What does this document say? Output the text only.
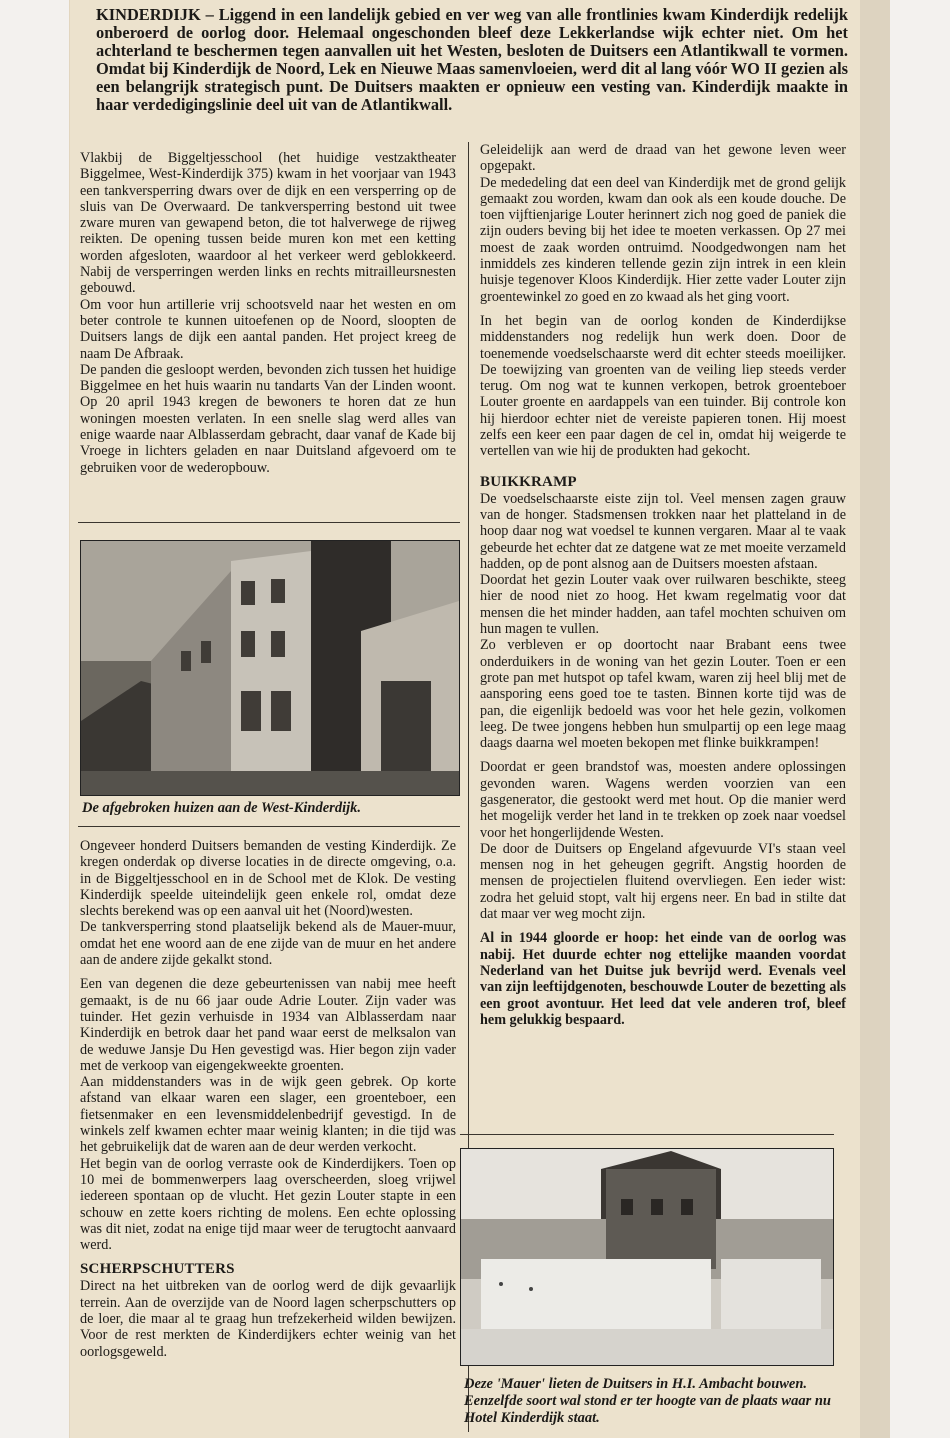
KINDERDIJK – Liggend in een landelijk gebied en ver weg van alle frontlinies kwam Kinderdijk redelijk onberoerd de oorlog door. Helemaal ongeschonden bleef deze Lekkerlandse wijk echter niet. Om het achterland te beschermen tegen aanvallen uit het Westen, besloten de Duitsers een Atlantikwall te vormen. Omdat bij Kinderdijk de Noord, Lek en Nieuwe Maas samenvloeien, werd dit al lang vóór WO II gezien als een belangrijk strategisch punt. De Duitsers maakten er opnieuw een vesting van. Kinderdijk maakte in haar verdedigingslinie deel uit van de Atlantikwall.

Vlakbij de Biggeltjesschool (het huidige vestzaktheater Biggelmee, West-Kinderdijk 375) kwam in het voorjaar van 1943 een tankversperring dwars over de dijk en een versperring op de sluis van De Overwaard. De tankversperring bestond uit twee zware muren van gewapend beton, die tot halverwege de rijweg reikten. De opening tussen beide muren kon met een ketting worden afgesloten, waardoor al het verkeer werd geblokkeerd. Nabij de versperringen werden links en rechts mitrailleursnesten gebouwd.

Om voor hun artillerie vrij schootsveld naar het westen en om beter controle te kunnen uitoefenen op de Noord, sloopten de Duitsers langs de dijk een aantal panden. Het project kreeg de naam De Afbraak.

De panden die gesloopt werden, bevonden zich tussen het huidige Biggelmee en het huis waarin nu tandarts Van der Linden woont. Op 20 april 1943 kregen de bewoners te horen dat ze hun woningen moesten verlaten. In een snelle slag werd alles van enige waarde naar Alblasserdam gebracht, daar vanaf de Kade bij Vroege in lichters geladen en naar Duitsland afgevoerd om te gebruiken voor de wederopbouw.

De afgebroken huizen aan de West-Kinderdijk.

Ongeveer honderd Duitsers bemanden de vesting Kinderdijk. Ze kregen onderdak op diverse locaties in de directe omgeving, o.a. in de Biggeltjesschool en in de School met de Klok. De vesting Kinderdijk speelde uiteindelijk geen enkele rol, omdat deze slechts berekend was op een aanval uit het (Noord)westen.

De tankversperring stond plaatselijk bekend als de Mauer-muur, omdat het ene woord aan de ene zijde van de muur en het andere aan de andere zijde gekalkt stond.

Een van degenen die deze gebeurtenissen van nabij mee heeft gemaakt, is de nu 66 jaar oude Adrie Louter. Zijn vader was tuinder. Het gezin verhuisde in 1934 van Alblasserdam naar Kinderdijk en betrok daar het pand waar eerst de melksalon van de weduwe Jansje Du Hen gevestigd was. Hier begon zijn vader met de verkoop van eigengekweekte groenten.

Aan middenstanders was in de wijk geen gebrek. Op korte afstand van elkaar waren een slager, een groenteboer, een fietsenmaker en een levensmiddelenbedrijf gevestigd. In de winkels zelf kwamen echter maar weinig klanten; in die tijd was het gebruikelijk dat de waren aan de deur werden verkocht.

Het begin van de oorlog verraste ook de Kinderdijkers. Toen op 10 mei de bommenwerpers laag overscheerden, sloeg vrijwel iedereen spontaan op de vlucht. Het gezin Louter stapte in een schouw en zette koers richting de molens. Een echte oplossing was dit niet, zodat na enige tijd maar weer de terugtocht aanvaard werd.

SCHERPSCHUTTERS

Direct na het uitbreken van de oorlog werd de dijk gevaarlijk terrein. Aan de overzijde van de Noord lagen scherpschutters op de loer, die maar al te graag hun trefzekerheid wilden bewijzen. Voor de rest merkten de Kinderdijkers echter weinig van het oorlogsgeweld.

Geleidelijk aan werd de draad van het gewone leven weer opgepakt.

De mededeling dat een deel van Kinderdijk met de grond gelijk gemaakt zou worden, kwam dan ook als een koude douche. De toen vijftienjarige Louter herinnert zich nog goed de paniek die zijn ouders beving bij het idee te moeten verkassen. Op 27 mei moest de zaak worden ontruimd. Noodgedwongen nam het inmiddels zes kinderen tellende gezin zijn intrek in een klein huisje tegenover Kloos Kinderdijk. Hier zette vader Louter zijn groentewinkel zo goed en zo kwaad als het ging voort.

In het begin van de oorlog konden de Kinderdijkse middenstanders nog redelijk hun werk doen. Door de toenemende voedselschaarste werd dit echter steeds moeilijker. De toewijzing van groenten van de veiling liep steeds verder terug. Om nog wat te kunnen verkopen, betrok groenteboer Louter groente en aardappels van een tuinder. Bij controle kon hij hierdoor echter niet de vereiste papieren tonen. Hij moest zelfs een keer een paar dagen de cel in, omdat hij weigerde te vertellen van wie hij de produkten had gekocht.

BUIKKRAMP

De voedselschaarste eiste zijn tol. Veel mensen zagen grauw van de honger. Stadsmensen trokken naar het platteland in de hoop daar nog wat voedsel te kunnen vergaren. Maar al te vaak gebeurde het echter dat ze datgene wat ze met moeite verzameld hadden, op de pont alsnog aan de Duitsers moesten afstaan.

Doordat het gezin Louter vaak over ruilwaren beschikte, steeg hier de nood niet zo hoog. Het kwam regelmatig voor dat mensen die het minder hadden, aan tafel mochten schuiven om hun magen te vullen.

Zo verbleven er op doortocht naar Brabant eens twee onderduikers in de woning van het gezin Louter. Toen er een grote pan met hutspot op tafel kwam, waren zij heel blij met de aansporing eens goed toe te tasten. Binnen korte tijd was de pan, die eigenlijk bedoeld was voor het hele gezin, volkomen leeg. De twee jongens hebben hun smulpartij op een lege maag daags daarna wel moeten bekopen met flinke buikkrampen!

Doordat er geen brandstof was, moesten andere oplossingen gevonden waren. Wagens werden voorzien van een gasgenerator, die gestookt werd met hout. Op die manier werd het mogelijk verder het land in te trekken op zoek naar voedsel voor het hongerlijdende Westen.

De door de Duitsers op Engeland afgevuurde VI's staan veel mensen nog in het geheugen gegrift. Angstig hoorden de mensen de projectielen fluitend overvliegen. Een ieder wist: zodra het geluid stopt, valt hij ergens neer. En bad in stilte dat dat maar ver weg mocht zijn.

Al in 1944 gloorde er hoop: het einde van de oorlog was nabij. Het duurde echter nog ettelijke maanden voordat Nederland van het Duitse juk bevrijd werd. Evenals veel van zijn leeftijdgenoten, beschouwde Louter de bezetting als een groot avontuur. Het leed dat vele anderen trof, bleef hem gelukkig bespaard.

Deze 'Mauer' lieten de Duitsers in H.I. Ambacht bouwen. Eenzelfde soort wal stond er ter hoogte van de plaats waar nu Hotel Kinderdijk staat.
